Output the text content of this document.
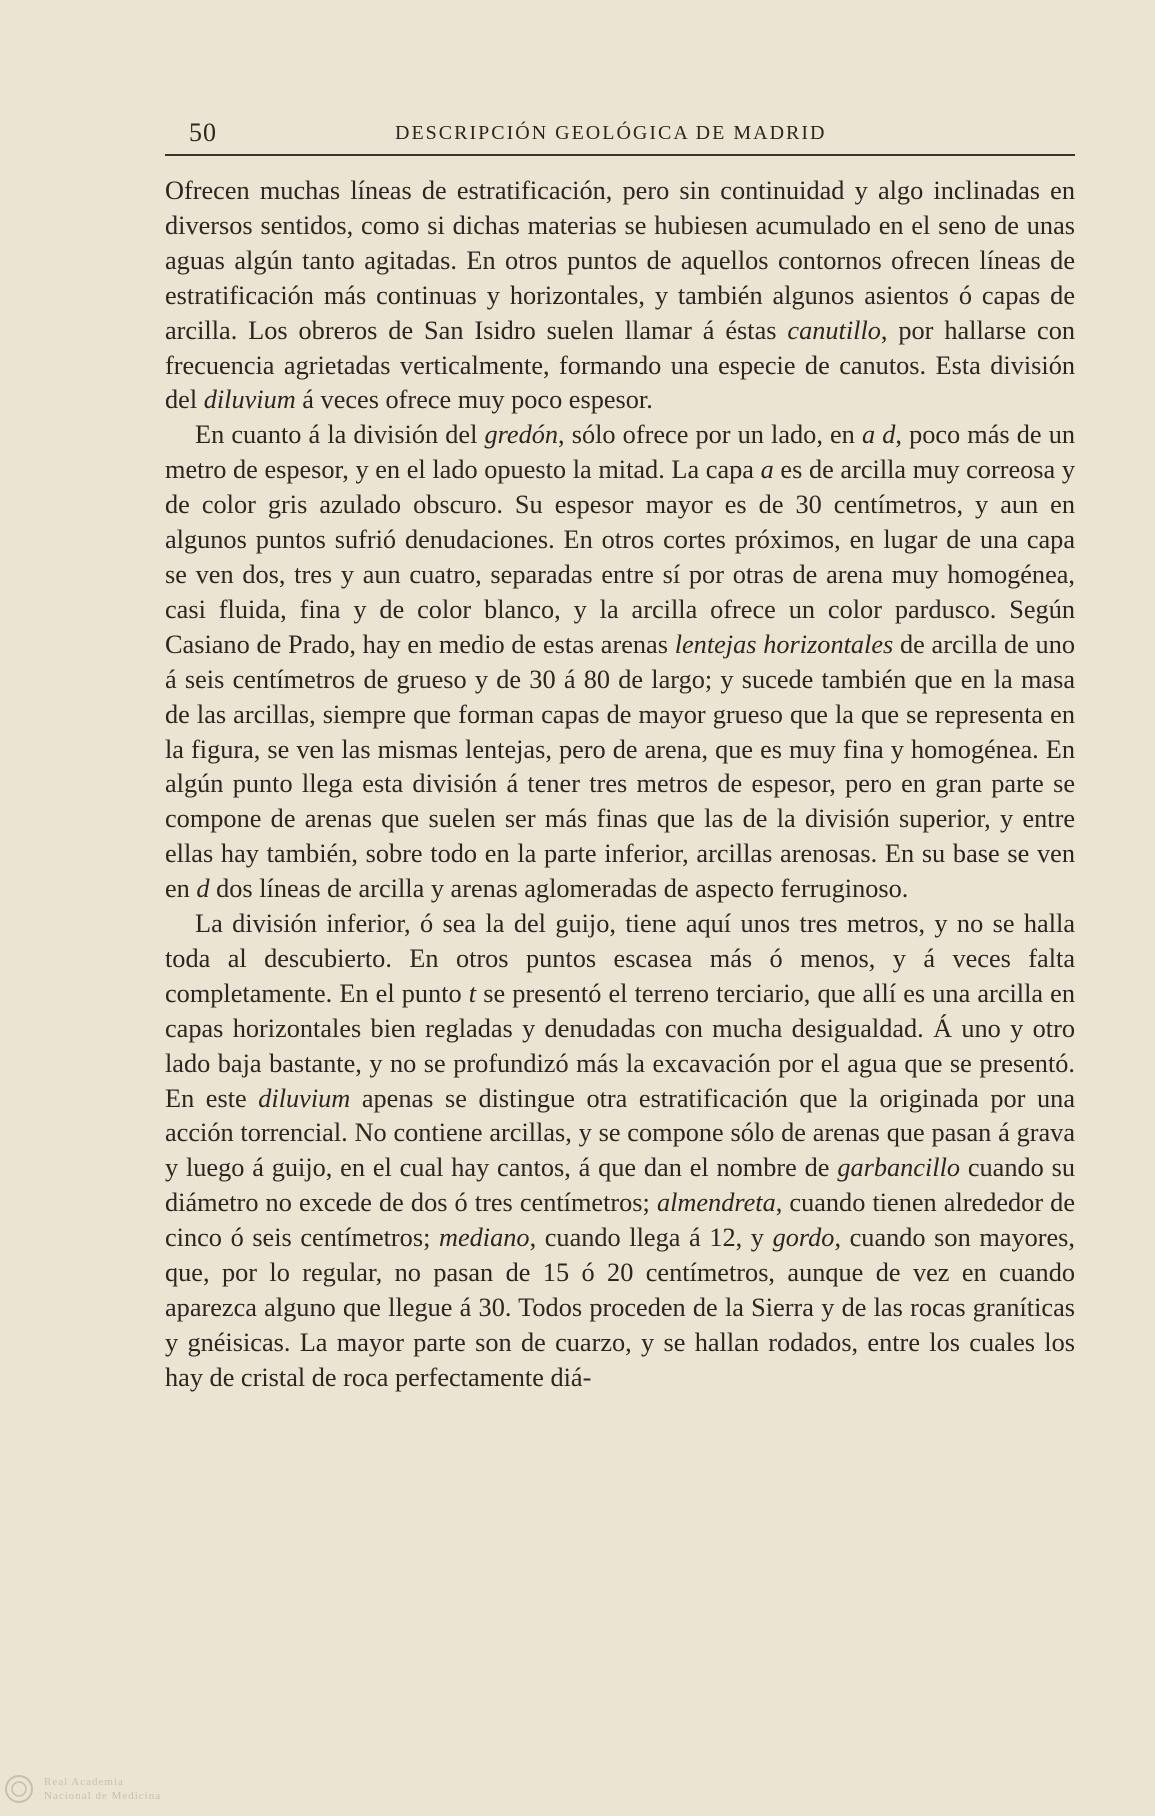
50	DESCRIPCIÓN GEOLÓGICA DE MADRID

Ofrecen muchas líneas de estratificación, pero sin continuidad y algo inclinadas en diversos sentidos, como si dichas materias se hubiesen acumulado en el seno de unas aguas algún tanto agitadas. En otros puntos de aquellos contornos ofrecen líneas de estratificación más continuas y horizontales, y también algunos asientos ó capas de arcilla. Los obreros de San Isidro suelen llamar á éstas canutillo, por hallarse con frecuencia agrietadas verticalmente, formando una especie de canutos. Esta división del diluvium á veces ofrece muy poco espesor.

En cuanto á la división del gredón, sólo ofrece por un lado, en a d, poco más de un metro de espesor, y en el lado opuesto la mitad. La capa a es de arcilla muy correosa y de color gris azulado obscuro. Su espesor mayor es de 30 centímetros, y aun en algunos puntos sufrió denudaciones. En otros cortes próximos, en lugar de una capa se ven dos, tres y aun cuatro, separadas entre sí por otras de arena muy homogénea, casi fluida, fina y de color blanco, y la arcilla ofrece un color pardusco. Según Casiano de Prado, hay en medio de estas arenas lentejas horizontales de arcilla de uno á seis centímetros de grueso y de 30 á 80 de largo; y sucede también que en la masa de las arcillas, siempre que forman capas de mayor grueso que la que se representa en la figura, se ven las mismas lentejas, pero de arena, que es muy fina y homogénea. En algún punto llega esta división á tener tres metros de espesor, pero en gran parte se compone de arenas que suelen ser más finas que las de la división superior, y entre ellas hay también, sobre todo en la parte inferior, arcillas arenosas. En su base se ven en d dos líneas de arcilla y arenas aglomeradas de aspecto ferruginoso.

La división inferior, ó sea la del guijo, tiene aquí unos tres metros, y no se halla toda al descubierto. En otros puntos escasea más ó menos, y á veces falta completamente. En el punto t se presentó el terreno terciario, que allí es una arcilla en capas horizontales bien regladas y denudadas con mucha desigualdad. Á uno y otro lado baja bastante, y no se profundizó más la excavación por el agua que se presentó. En este diluvium apenas se distingue otra estratificación que la originada por una acción torrencial. No contiene arcillas, y se compone sólo de arenas que pasan á grava y luego á guijo, en el cual hay cantos, á que dan el nombre de garbancillo cuando su diámetro no excede de dos ó tres centímetros; almendreta, cuando tienen alrededor de cinco ó seis centímetros; mediano, cuando llega á 12, y gordo, cuando son mayores, que, por lo regular, no pasan de 15 ó 20 centímetros, aunque de vez en cuando aparezca alguno que llegue á 30. Todos proceden de la Sierra y de las rocas graníticas y gnéisicas. La mayor parte son de cuarzo, y se hallan rodados, entre los cuales los hay de cristal de roca perfectamente diá-

Real Academia
Nacional de Medicina
